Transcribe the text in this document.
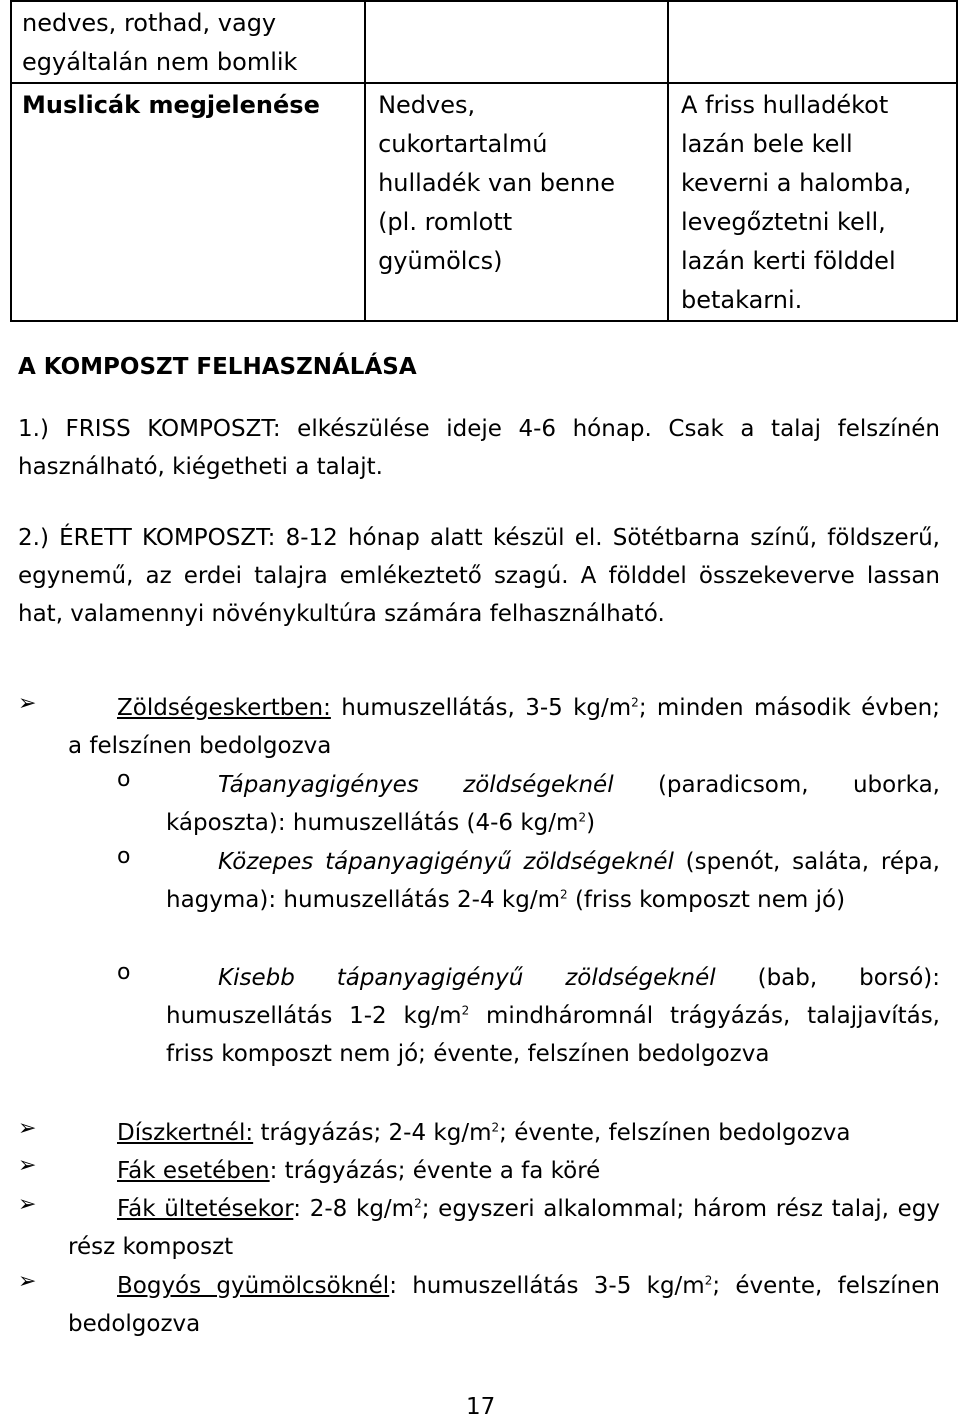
nedves, rothad, vagy egyáltalán nem bomlik		

Muslicák megjelenése	Nedves, cukortartalmú hulladék van benne (pl. romlott gyümölcs)	A friss hulladékot lazán bele kell keverni a halomba, levegőztetni kell, lazán kerti földdel betakarni.
A KOMPOSZT FELHASZNÁLÁSA
1.) FRISS KOMPOSZT: elkészülése ideje 4-6 hónap. Csak a talaj felszínén használható, kiégetheti a talajt.
2.) ÉRETT KOMPOSZT: 8-12 hónap alatt készül el. Sötétbarna színű, földszerű, egynemű, az erdei talajra emlékeztető szagú. A földdel összekeverve lassan hat, valamennyi növénykultúra számára felhasználható.
➢	Zöldségeskertben: humuszellátás, 3-5 $kg/m^2$; minden második évben; a felszínen bedolgozva
o	Tápanyagigényes zöldségeknél (paradicsom, uborka, káposzta): humuszellátás (4-6 $kg/m^2$)
o	Közepes tápanyagigényű zöldségeknél (spenót, saláta, répa, hagyma): humuszellátás 2-4 $kg/m^2$ (friss komposzt nem jó)
o	Kisebb tápanyagigényű zöldségeknél (bab, borsó): humuszellátás 1-2 $kg/m^2$ mindháromnál trágyázás, talajjavítás, friss komposzt nem jó; évente, felszínen bedolgozva
➢	Díszkertnél: trágyázás; 2-4 $kg/m^2$; évente, felszínen bedolgozva
➢	Fák esetében: trágyázás; évente a fa köré
➢	Fák ültetésekor: 2-8 $kg/m^2$; egyszeri alkalommal; három rész talaj, egy rész komposzt
➢	Bogyós gyümölcsöknél: humuszellátás 3-5 $kg/m^2$; évente, felszínen bedolgozva
17
